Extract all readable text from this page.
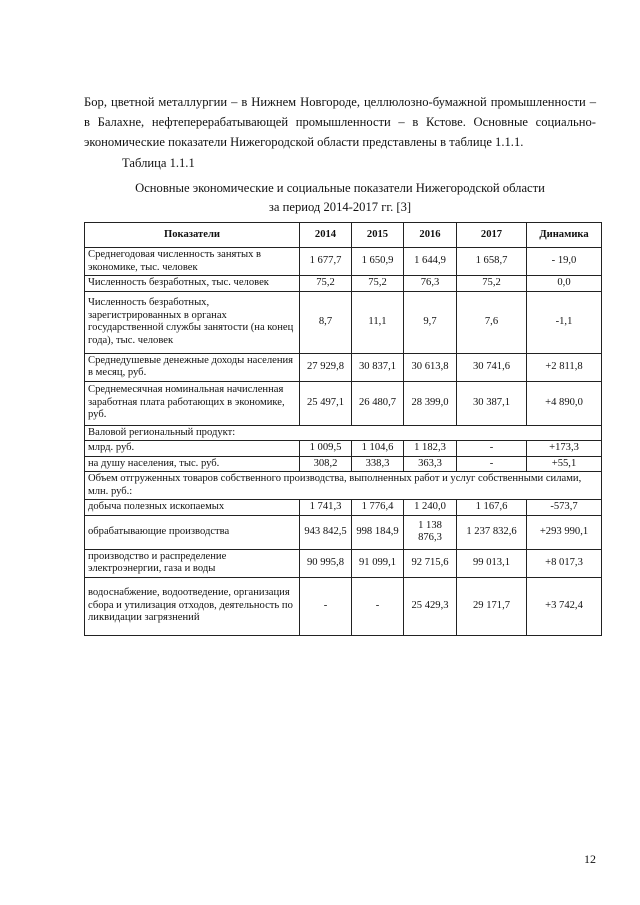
Бор, цветной металлургии – в Нижнем Новгороде, целлюлозно-бумажной промышленности – в Балахне, нефтеперерабатывающей промышленности – в Кстове. Основные социально-экономические показатели Нижегородской области представлены в таблице 1.1.1.

Таблица 1.1.1
Основные экономические и социальные показатели Нижегородской области
за период 2014-2017 гг. [3]
Показатели	2014	2015	2016	2017	Динамика
Среднегодовая численность занятых в экономике, тыс. человек	1 677,7	1 650,9	1 644,9	1 658,7	- 19,0
Численность безработных, тыс. человек	75,2	75,2	76,3	75,2	0,0
Численность безработных, зарегистрированных в органах государственной службы занятости (на конец года), тыс. человек	8,7	11,1	9,7	7,6	-1,1
Среднедушевые денежные доходы населения в месяц, руб.	27 929,8	30 837,1	30 613,8	30 741,6	+2 811,8
Среднемесячная номинальная начисленная заработная плата работающих в экономике, руб.	25 497,1	26 480,7	28 399,0	30 387,1	+4 890,0
Валовой региональный продукт:					
млрд. руб.	1 009,5	1 104,6	1 182,3	-	+173,3
на душу населения, тыс. руб.	308,2	338,3	363,3	-	+55,1
Объем отгруженных товаров собственного производства, выполненных работ и услуг собственными силами, млн. руб.:					
добыча полезных ископаемых	1 741,3	1 776,4	1 240,0	1 167,6	-573,7
обрабатывающие производства	943 842,5	998 184,9	1 138 876,3	1 237 832,6	+293 990,1
производство и распределение электроэнергии, газа и воды	90 995,8	91 099,1	92 715,6	99 013,1	+8 017,3
водоснабжение, водоотведение, организация сбора и утилизация отходов, деятельность по ликвидации загрязнений	-	-	25 429,3	29 171,7	+3 742,4
12
